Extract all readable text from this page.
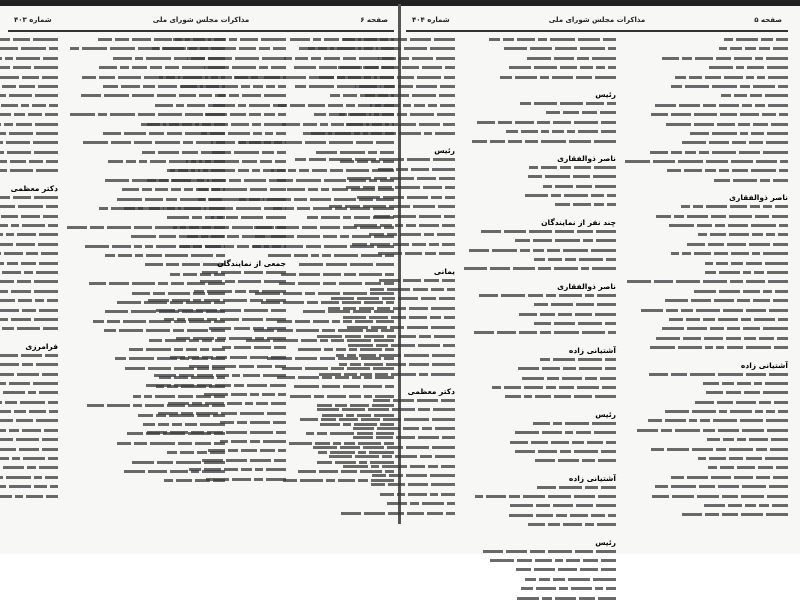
صفحه ۶
مذاکرات مجلس شورای ملی
شماره ۴۰۳
دکتر معظمی
فرامرزی
صفحه ۵
مذاکرات مجلس شورای ملی
شماره ۴۰۴
ناصر ذوالفقاری
آشتیانی زاده
رئیس
ناصر ذوالفقاری
چند نفر از نمایندگان
ناصر ذوالفقاری
آشتیانی زاده
رئیس
آشتیانی زاده
رئیس
رئیس
یمانی
دکتر معظمی
جمعی از نمایندگان
